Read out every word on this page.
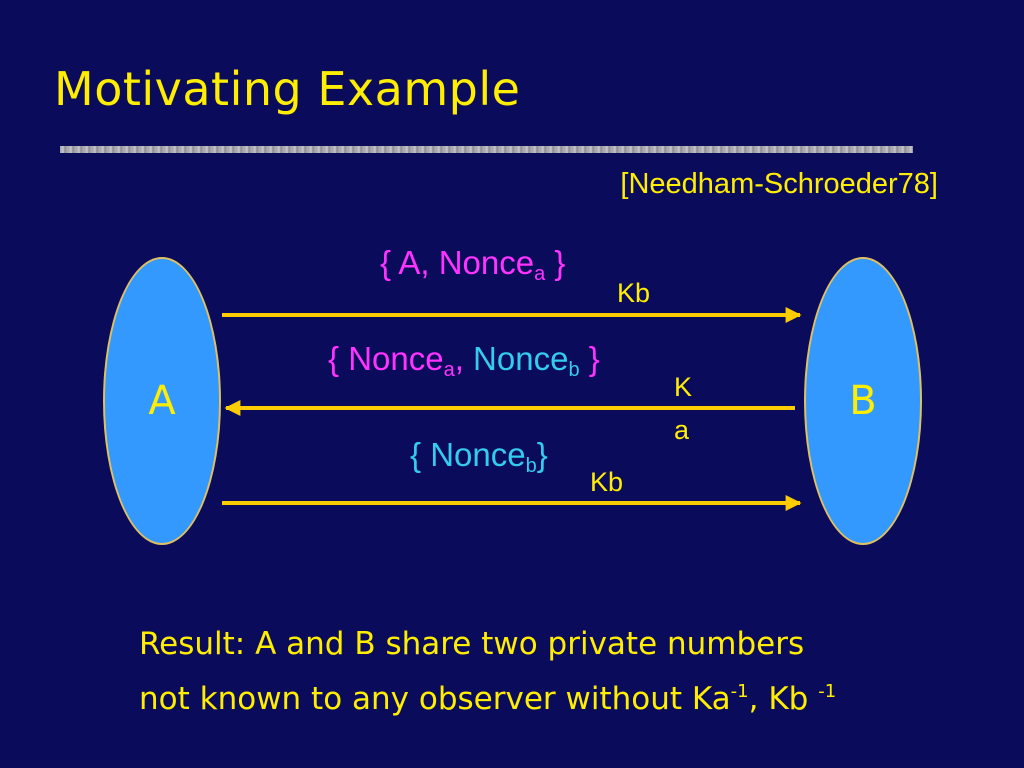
Motivating Example
[Needham-Schroeder78]
A	B
{ A, Nonce$_a$ }
Kb
{ Nonce$_a$, Nonce$_b$ }
K
a
{ Nonce$_b$}
Kb
Result: A and B share two private numbers
not known to any observer without $Ka^{-1}$, Kb $^{-1}$
